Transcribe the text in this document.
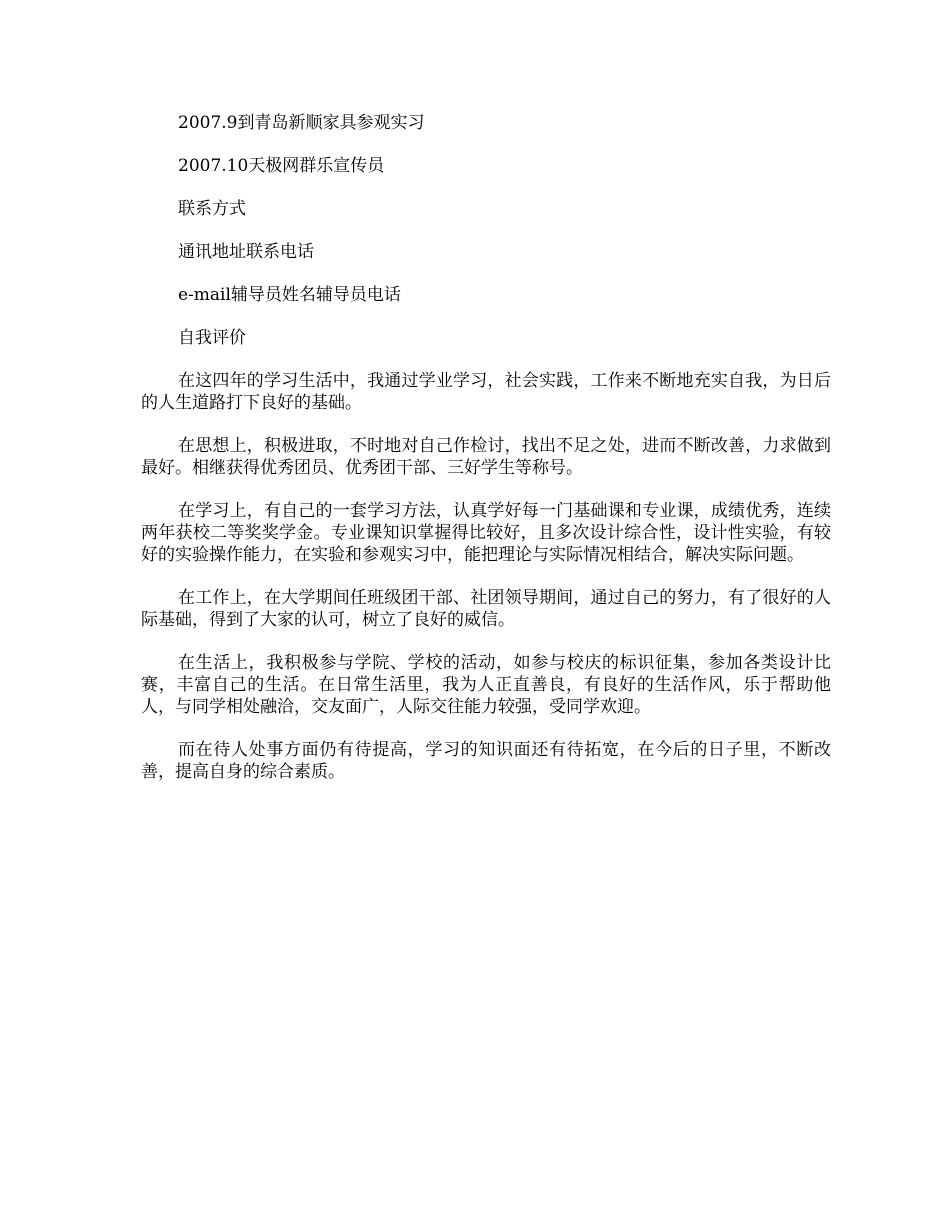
2007.9到青岛新顺家具参观实习

2007.10天极网群乐宣传员

联系方式

通讯地址联系电话

e-mail辅导员姓名辅导员电话

自我评价

在这四年的学习生活中，我通过学业学习，社会实践，工作来不断地充实自我，为日后的人生道路打下良好的基础。

在思想上，积极进取，不时地对自己作检讨，找出不足之处，进而不断改善，力求做到最好。相继获得优秀团员、优秀团干部、三好学生等称号。

在学习上，有自己的一套学习方法，认真学好每一门基础课和专业课，成绩优秀，连续两年获校二等奖奖学金。专业课知识掌握得比较好，且多次设计综合性，设计性实验，有较好的实验操作能力，在实验和参观实习中，能把理论与实际情况相结合，解决实际问题。

在工作上，在大学期间任班级团干部、社团领导期间，通过自己的努力，有了很好的人际基础，得到了大家的认可，树立了良好的威信。

在生活上，我积极参与学院、学校的活动，如参与校庆的标识征集，参加各类设计比赛，丰富自己的生活。在日常生活里，我为人正直善良，有良好的生活作风，乐于帮助他人，与同学相处融洽，交友面广，人际交往能力较强，受同学欢迎。

而在待人处事方面仍有待提高，学习的知识面还有待拓宽，在今后的日子里，不断改善，提高自身的综合素质。
